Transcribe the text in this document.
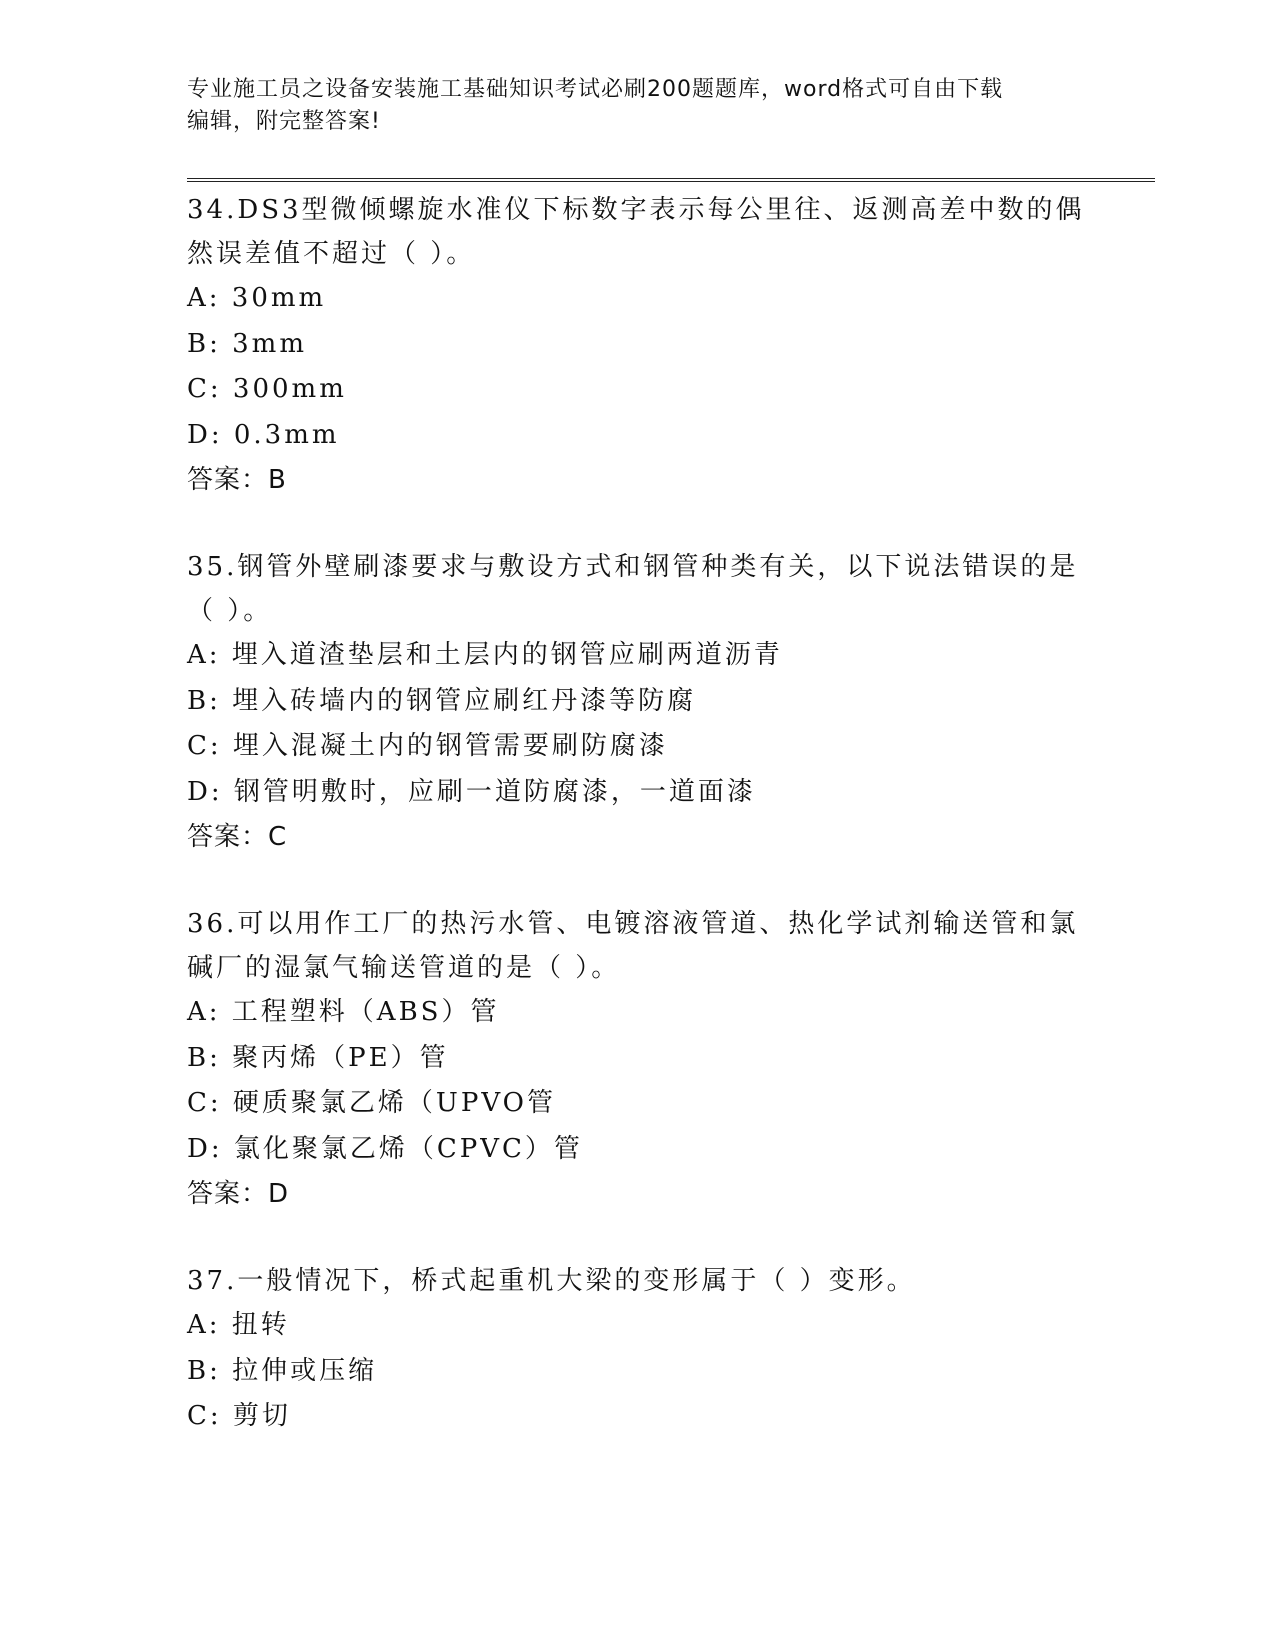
专业施工员之设备安装施工基础知识考试必刷200题题库，word格式可自由下载
编辑，附完整答案!

34.DS3型微倾螺旋水准仪下标数字表示每公里往、返测高差中数的偶
然误差值不超过（ ）。

A: 30mm

B: 3mm

C: 300mm

D: 0.3mm

答案：B

35.钢管外壁刷漆要求与敷设方式和钢管种类有关，以下说法错误的是
（ ）。

A: 埋入道渣垫层和土层内的钢管应刷两道沥青

B: 埋入砖墙内的钢管应刷红丹漆等防腐

C: 埋入混凝土内的钢管需要刷防腐漆

D: 钢管明敷时，应刷一道防腐漆，一道面漆

答案：C

36.可以用作工厂的热污水管、电镀溶液管道、热化学试剂输送管和氯
碱厂的湿氯气输送管道的是（ ）。

A: 工程塑料（ABS）管

B: 聚丙烯（PE）管

C: 硬质聚氯乙烯（UPVO管

D: 氯化聚氯乙烯（CPVC）管

答案：D

37.一般情况下，桥式起重机大梁的变形属于（ ）变形。

A: 扭转

B: 拉伸或压缩

C: 剪切
